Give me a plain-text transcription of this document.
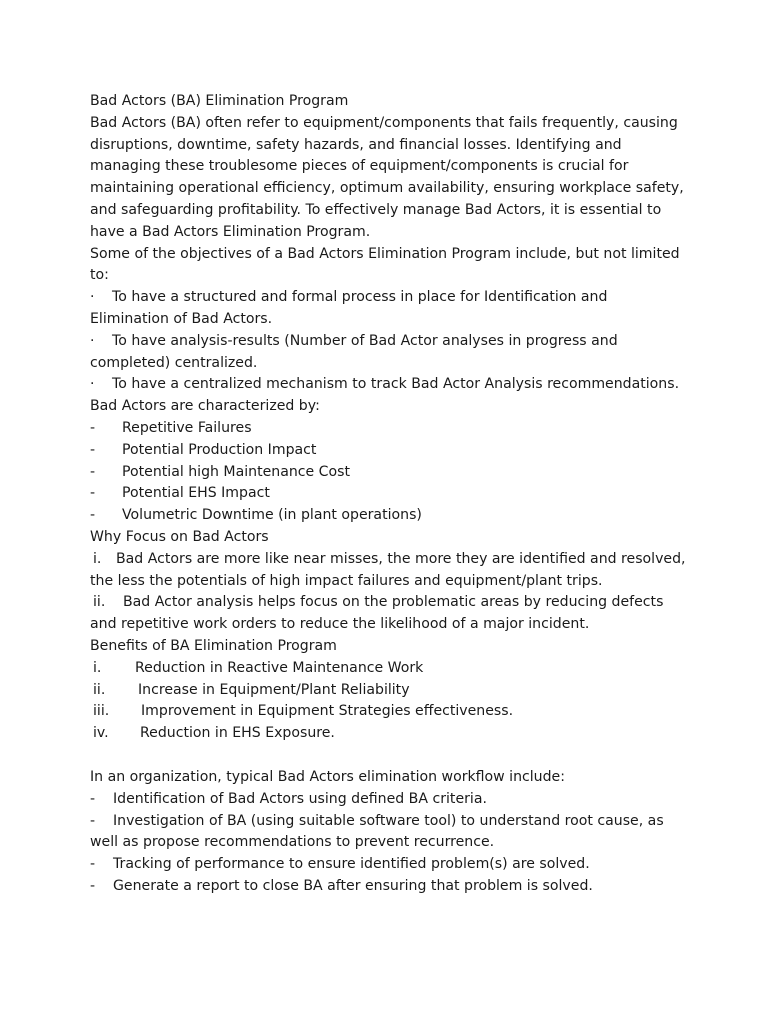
Bad Actors (BA) Elimination Program

Bad Actors (BA) often refer to equipment/components that fails frequently, causing disruptions, downtime, safety hazards, and financial losses. Identifying and managing these troublesome pieces of equipment/components is crucial for maintaining operational efficiency, optimum availability, ensuring workplace safety, and safeguarding profitability. To effectively manage Bad Actors, it is essential to have a Bad Actors Elimination Program.

Some of the objectives of a Bad Actors Elimination Program include, but not limited to:

· To have a structured and formal process in place for Identification and Elimination of Bad Actors.
· To have analysis-results (Number of Bad Actor analyses in progress and completed) centralized.
· To have a centralized mechanism to track Bad Actor Analysis recommendations.

Bad Actors are characterized by:

- Repetitive Failures
- Potential Production Impact
- Potential high Maintenance Cost
- Potential EHS Impact
- Volumetric Downtime (in plant operations)

Why Focus on Bad Actors

i. Bad Actors are more like near misses, the more they are identified and resolved, the less the potentials of high impact failures and equipment/plant trips.
ii. Bad Actor analysis helps focus on the problematic areas by reducing defects and repetitive work orders to reduce the likelihood of a major incident.

Benefits of BA Elimination Program

i. Reduction in Reactive Maintenance Work
ii. Increase in Equipment/Plant Reliability
iii. Improvement in Equipment Strategies effectiveness.
iv. Reduction in EHS Exposure.

In an organization, typical Bad Actors elimination workflow include:

- Identification of Bad Actors using defined BA criteria.
- Investigation of BA (using suitable software tool) to understand root cause, as well as propose recommendations to prevent recurrence.
- Tracking of performance to ensure identified problem(s) are solved.
- Generate a report to close BA after ensuring that problem is solved.
